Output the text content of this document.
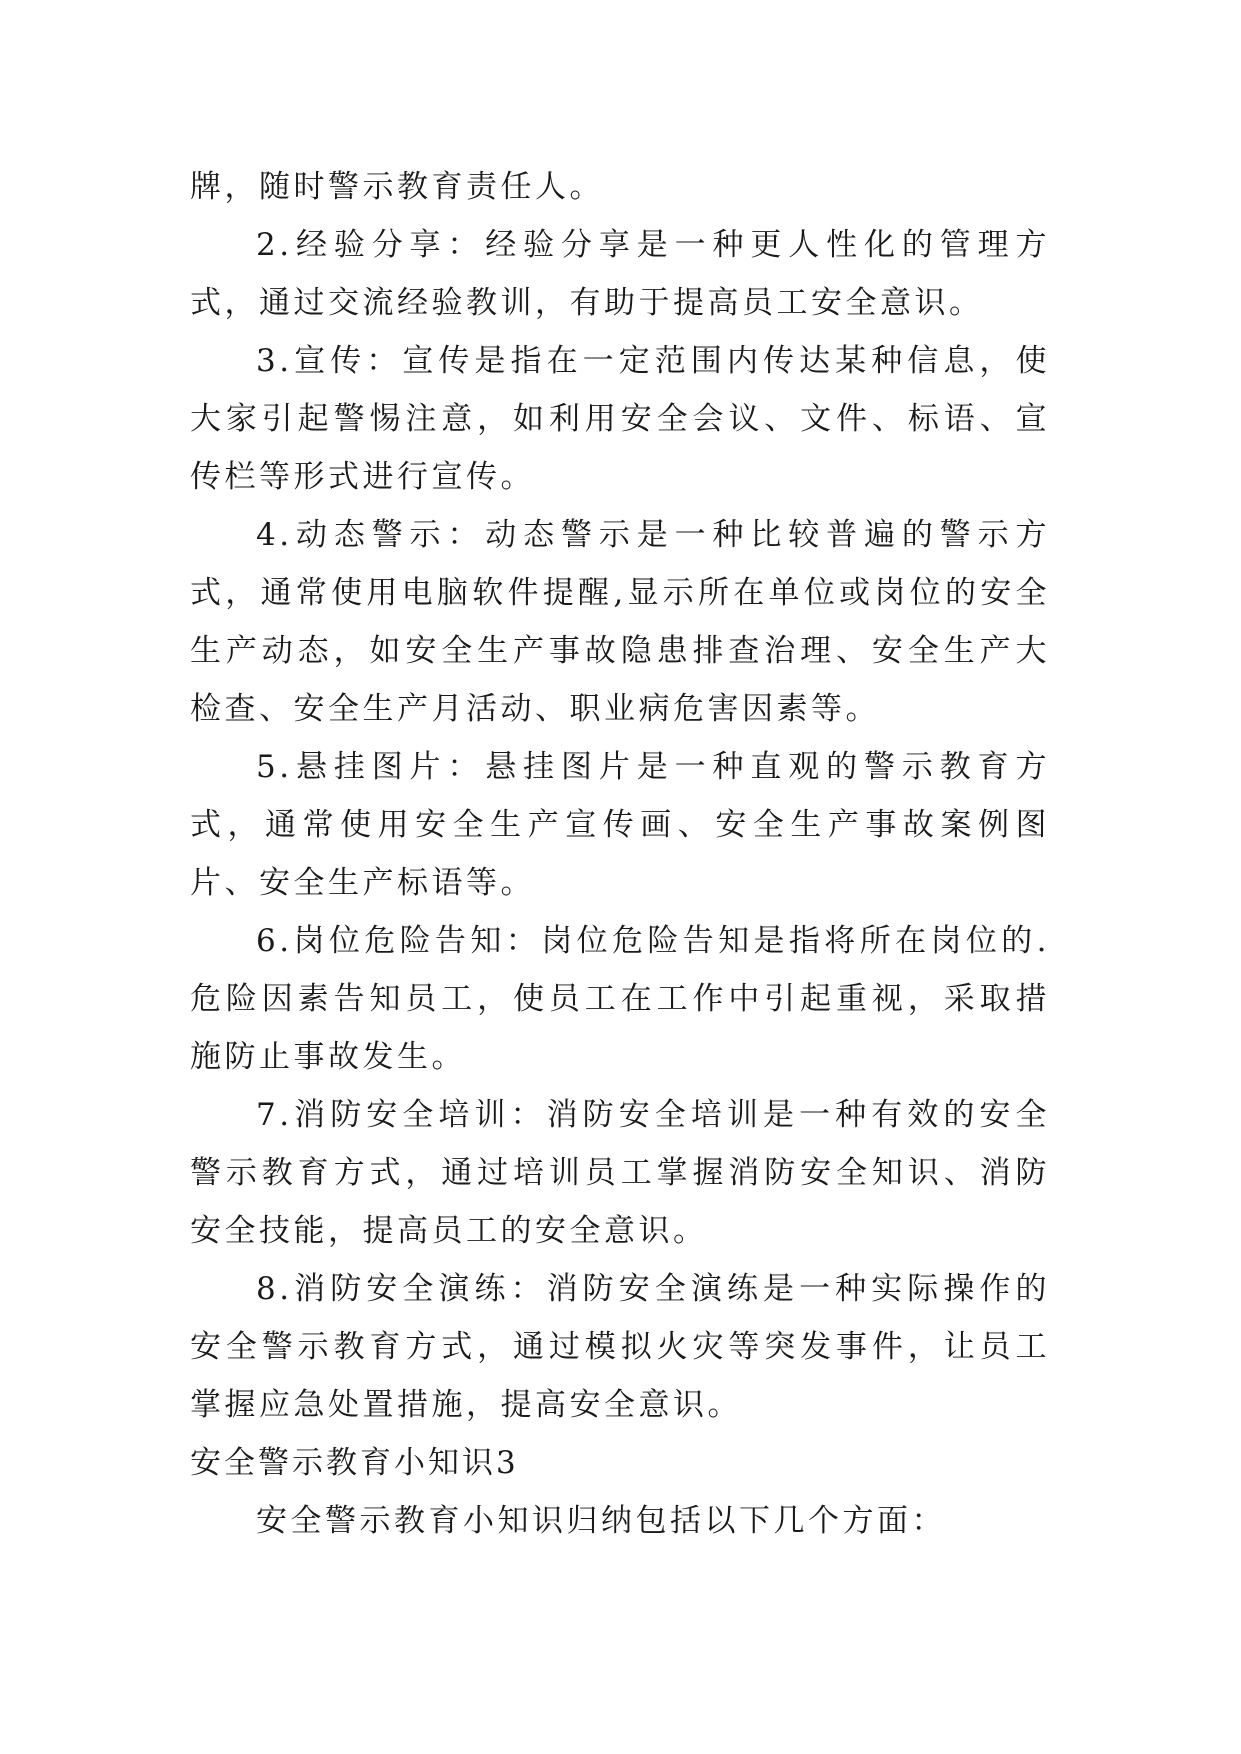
牌，随时警示教育责任人。

2.经验分享：经验分享是一种更人性化的管理方式，通过交流经验教训，有助于提高员工安全意识。

3.宣传：宣传是指在一定范围内传达某种信息，使大家引起警惕注意，如利用安全会议、文件、标语、宣传栏等形式进行宣传。

4.动态警示：动态警示是一种比较普遍的警示方式，通常使用电脑软件提醒,显示所在单位或岗位的安全生产动态，如安全生产事故隐患排查治理、安全生产大检查、安全生产月活动、职业病危害因素等。

5.悬挂图片：悬挂图片是一种直观的警示教育方式，通常使用安全生产宣传画、安全生产事故案例图片、安全生产标语等。

6.岗位危险告知：岗位危险告知是指将所在岗位的.危险因素告知员工，使员工在工作中引起重视，采取措施防止事故发生。

7.消防安全培训：消防安全培训是一种有效的安全警示教育方式，通过培训员工掌握消防安全知识、消防安全技能，提高员工的安全意识。

8.消防安全演练：消防安全演练是一种实际操作的安全警示教育方式，通过模拟火灾等突发事件，让员工掌握应急处置措施，提高安全意识。

安全警示教育小知识3

安全警示教育小知识归纳包括以下几个方面：
